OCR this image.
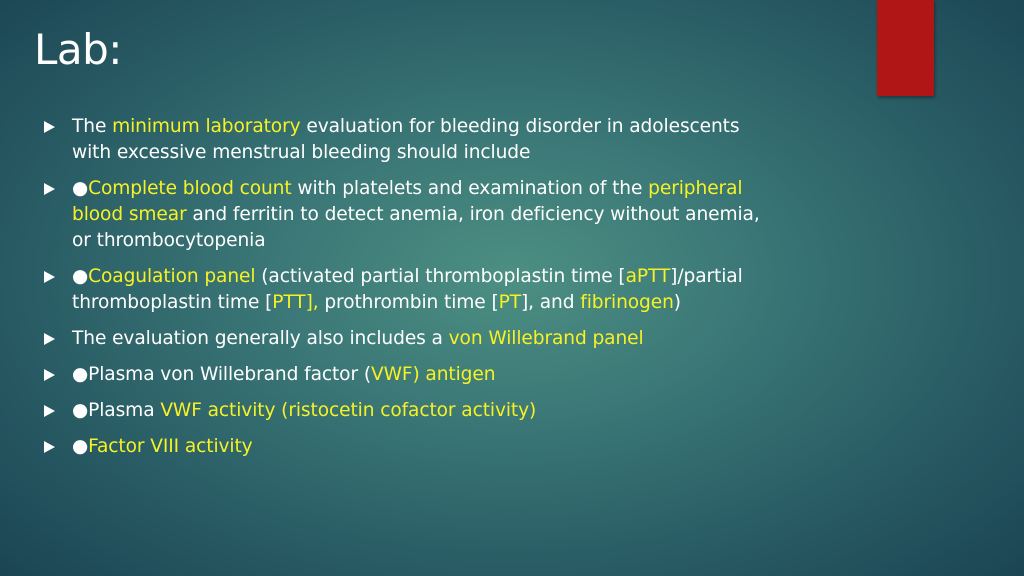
Lab:
The minimum laboratory evaluation for bleeding disorder in adolescents with excessive menstrual bleeding should include
●Complete blood count with platelets and examination of the peripheral blood smear and ferritin to detect anemia, iron deficiency without anemia, or thrombocytopenia
●Coagulation panel (activated partial thromboplastin time [aPTT]/partial thromboplastin time [PTT], prothrombin time [PT], and fibrinogen)
The evaluation generally also includes a von Willebrand panel
●Plasma von Willebrand factor (VWF) antigen
●Plasma VWF activity (ristocetin cofactor activity)
●Factor VIII activity
